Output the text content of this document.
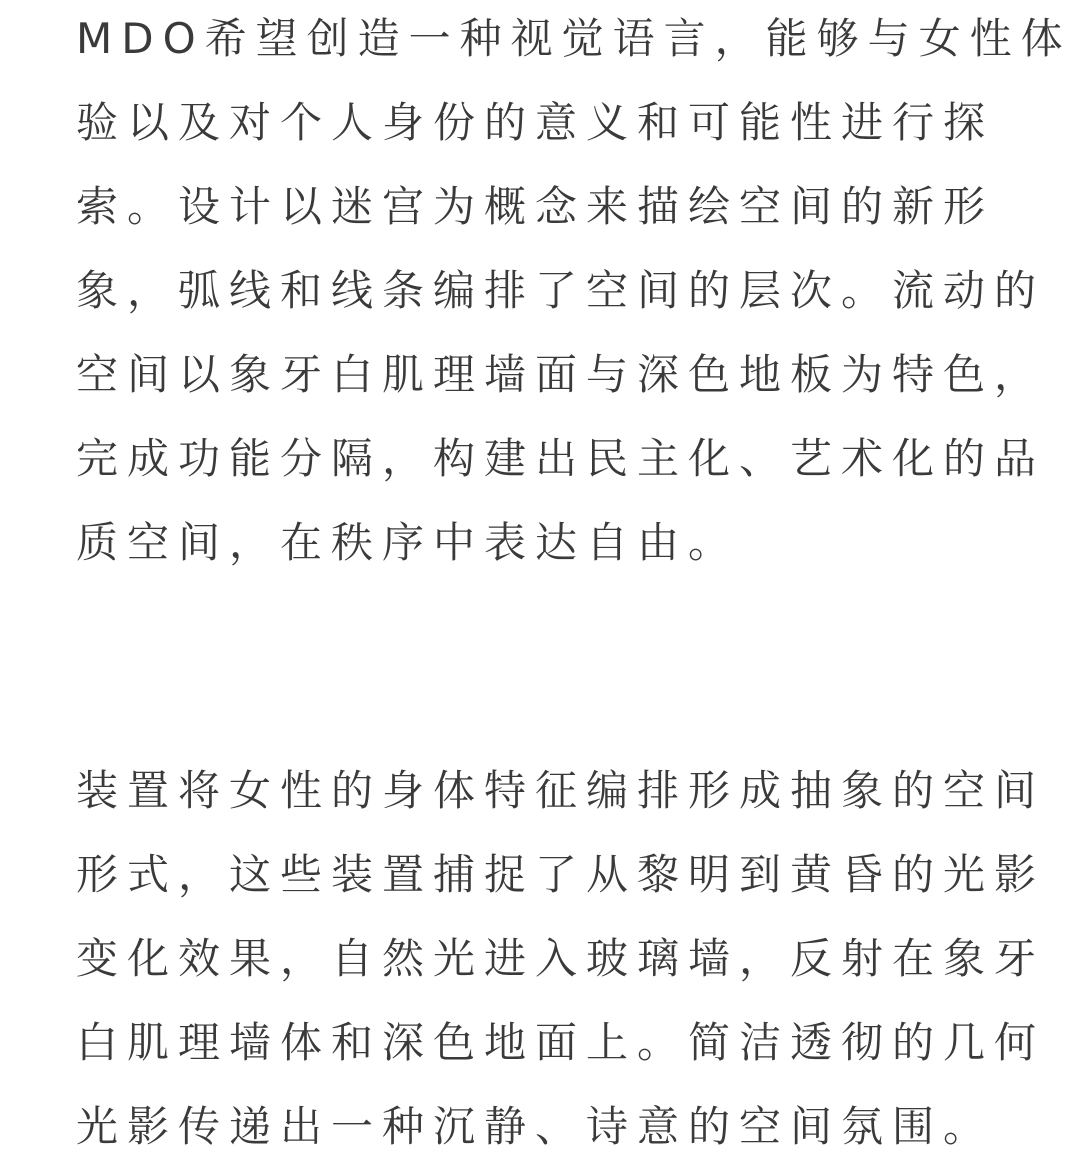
MDO希望创造一种视觉语言，能够与女性体
验以及对个人身份的意义和可能性进行探
索。设计以迷宫为概念来描绘空间的新形
象，弧线和线条编排了空间的层次。流动的
空间以象牙白肌理墙面与深色地板为特色，
完成功能分隔，构建出民主化、艺术化的品
质空间，在秩序中表达自由。
装置将女性的身体特征编排形成抽象的空间
形式，这些装置捕捉了从黎明到黄昏的光影
变化效果，自然光进入玻璃墙，反射在象牙
白肌理墙体和深色地面上。简洁透彻的几何
光影传递出一种沉静、诗意的空间氛围。
